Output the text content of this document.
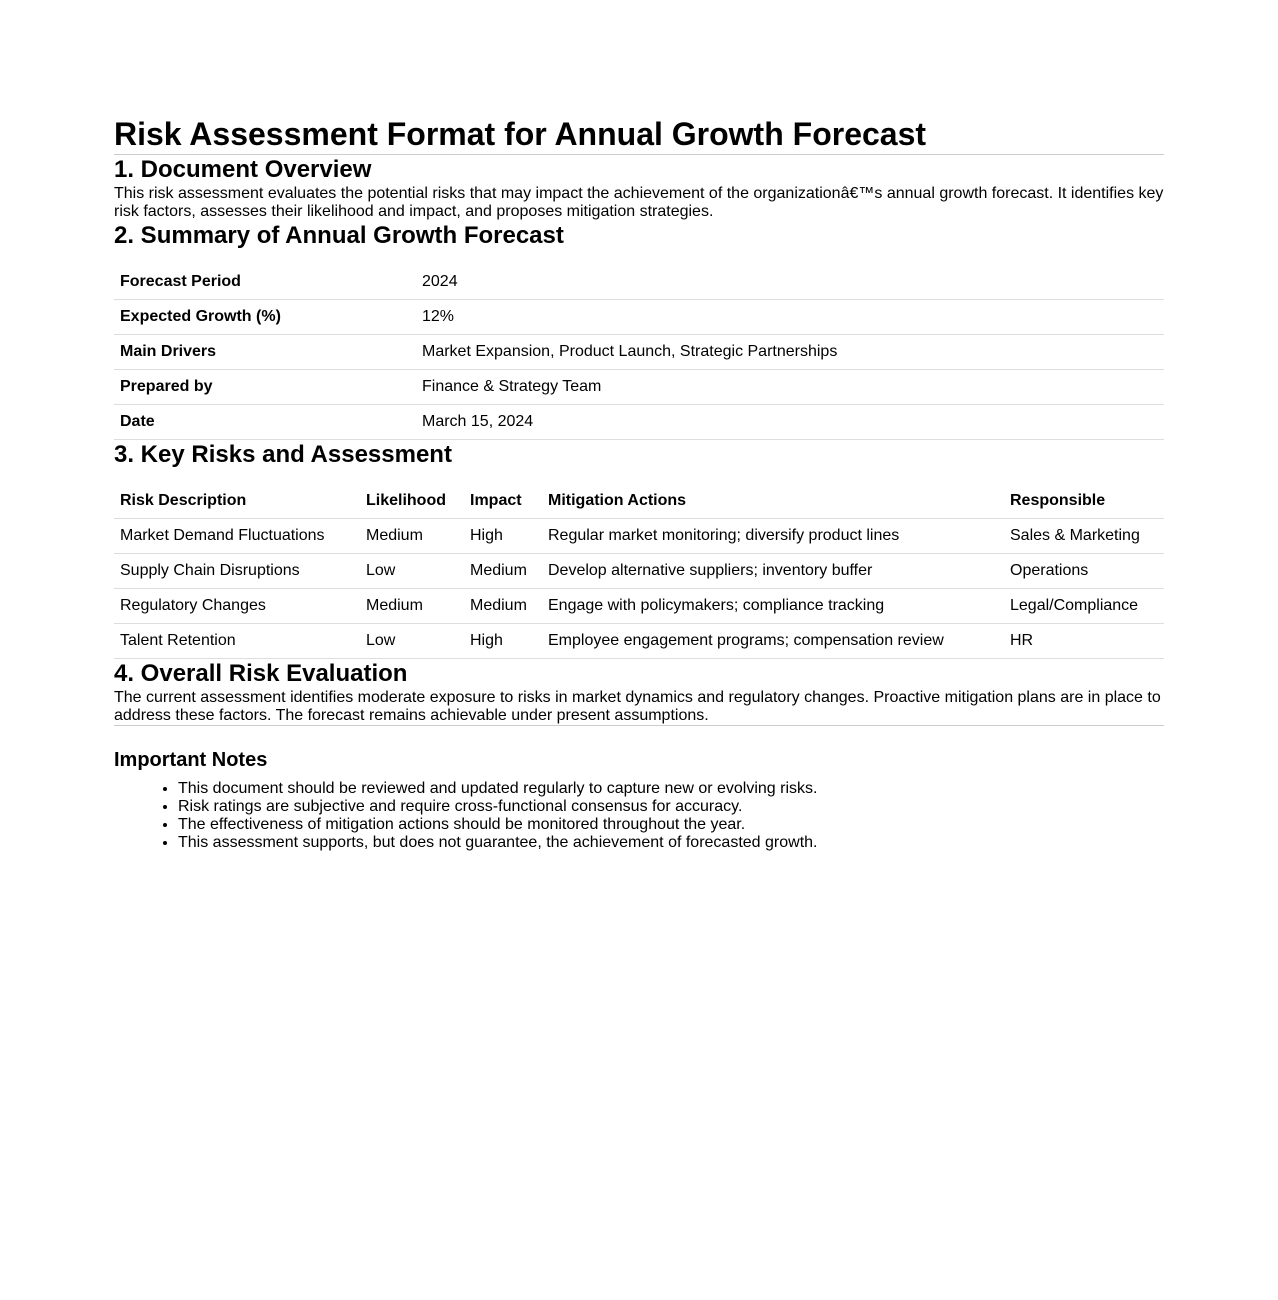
Risk Assessment Format for Annual Growth Forecast
1. Document Overview

This risk assessment evaluates the potential risks that may impact the achievement of the organizationâ€™s annual growth forecast. It identifies key risk factors, assesses their likelihood and impact, and proposes mitigation strategies.

2. Summary of Annual Growth Forecast
Forecast Period	2024
Expected Growth (%)	12%
Main Drivers	Market Expansion, Product Launch, Strategic Partnerships
Prepared by	Finance & Strategy Team
Date	March 15, 2024
3. Key Risks and Assessment
Risk Description	Likelihood	Impact	Mitigation Actions	Responsible
Market Demand Fluctuations	Medium	High	Regular market monitoring; diversify product lines	Sales & Marketing
Supply Chain Disruptions	Low	Medium	Develop alternative suppliers; inventory buffer	Operations
Regulatory Changes	Medium	Medium	Engage with policymakers; compliance tracking	Legal/Compliance
Talent Retention	Low	High	Employee engagement programs; compensation review	HR
4. Overall Risk Evaluation

The current assessment identifies moderate exposure to risks in market dynamics and regulatory changes. Proactive mitigation plans are in place to address these factors. The forecast remains achievable under present assumptions.

Important Notes
• This document should be reviewed and updated regularly to capture new or evolving risks.
• Risk ratings are subjective and require cross-functional consensus for accuracy.
• The effectiveness of mitigation actions should be monitored throughout the year.
• This assessment supports, but does not guarantee, the achievement of forecasted growth.
